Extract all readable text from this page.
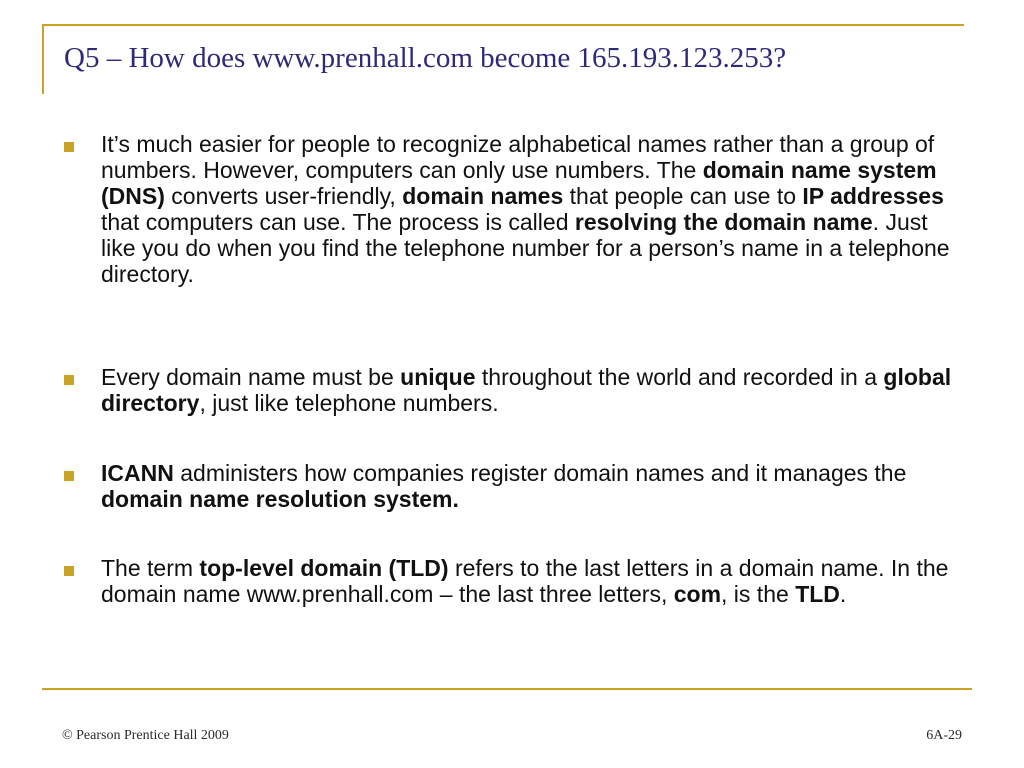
Q5 – How does www.prenhall.com become 165.193.123.253?
It’s much easier for people to recognize alphabetical names rather than a group of numbers. However, computers can only use numbers. The domain name system (DNS) converts user-friendly, domain names that people can use to IP addresses that computers can use. The process is called resolving the domain name. Just like you do when you find the telephone number for a person’s name in a telephone directory.
Every domain name must be unique throughout the world and recorded in a global directory, just like telephone numbers.
ICANN administers how companies register domain names and it manages the domain name resolution system.
The term top-level domain (TLD) refers to the last letters in a domain name. In the domain name www.prenhall.com – the last three letters, com, is the TLD.
© Pearson Prentice Hall 2009	6A-29
